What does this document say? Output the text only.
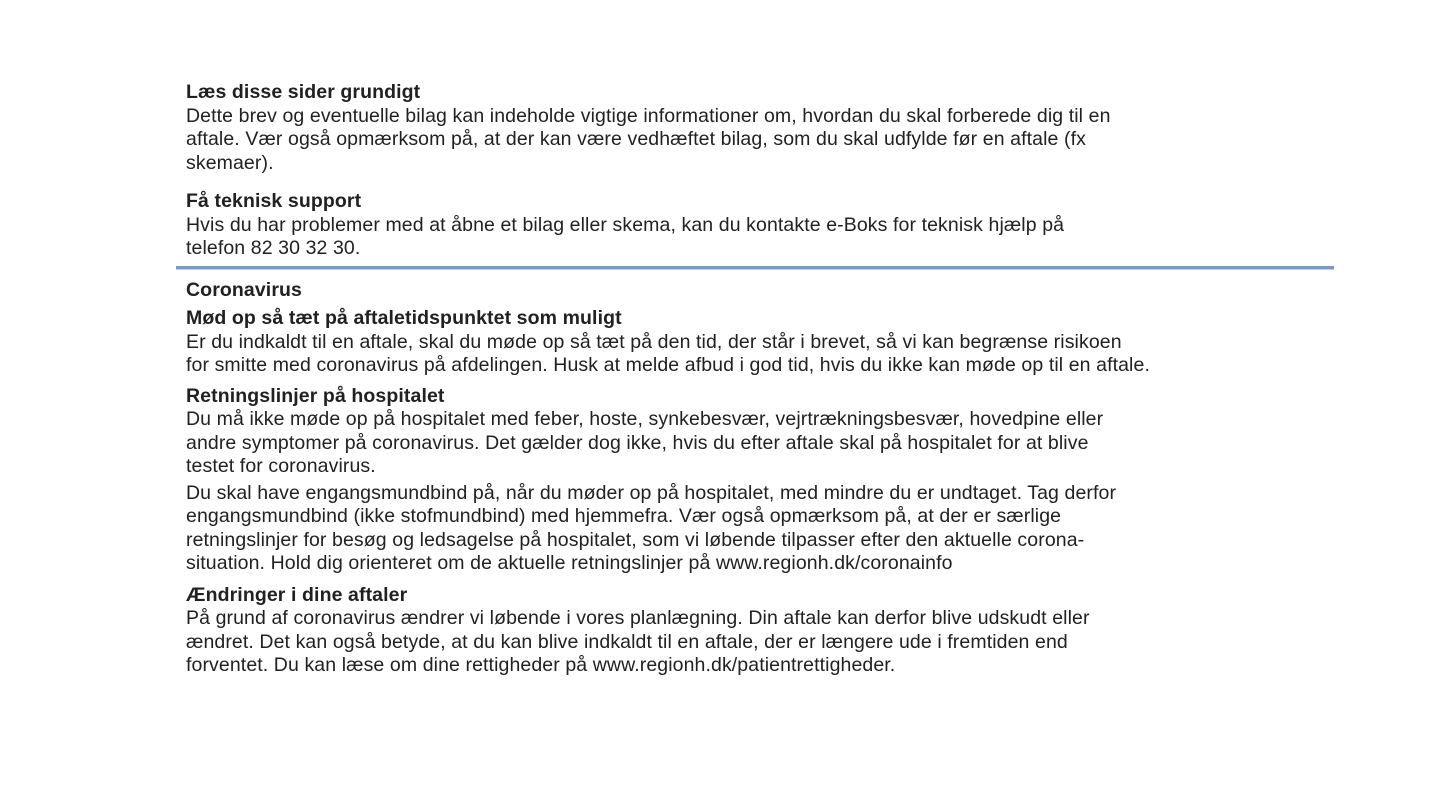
Læs disse sider grundigt
Dette brev og eventuelle bilag kan indeholde vigtige informationer om, hvordan du skal forberede dig til en
aftale. Vær også opmærksom på, at der kan være vedhæftet bilag, som du skal udfylde før en aftale (fx
skemaer).
Få teknisk support
Hvis du har problemer med at åbne et bilag eller skema, kan du kontakte e-Boks for teknisk hjælp på
telefon 82 30 32 30.
Coronavirus
Mød op så tæt på aftaletidspunktet som muligt
Er du indkaldt til en aftale, skal du møde op så tæt på den tid, der står i brevet, så vi kan begrænse risikoen
for smitte med coronavirus på afdelingen. Husk at melde afbud i god tid, hvis du ikke kan møde op til en aftale.
Retningslinjer på hospitalet
Du må ikke møde op på hospitalet med feber, hoste, synkebesvær, vejrtrækningsbesvær, hovedpine eller
andre symptomer på coronavirus. Det gælder dog ikke, hvis du efter aftale skal på hospitalet for at blive
testet for coronavirus.
Du skal have engangsmundbind på, når du møder op på hospitalet, med mindre du er undtaget. Tag derfor
engangsmundbind (ikke stofmundbind) med hjemmefra. Vær også opmærksom på, at der er særlige
retningslinjer for besøg og ledsagelse på hospitalet, som vi løbende tilpasser efter den aktuelle corona-
situation. Hold dig orienteret om de aktuelle retningslinjer på www.regionh.dk/coronainfo
Ændringer i dine aftaler
På grund af coronavirus ændrer vi løbende i vores planlægning. Din aftale kan derfor blive udskudt eller
ændret. Det kan også betyde, at du kan blive indkaldt til en aftale, der er længere ude i fremtiden end
forventet. Du kan læse om dine rettigheder på www.regionh.dk/patientrettigheder.
